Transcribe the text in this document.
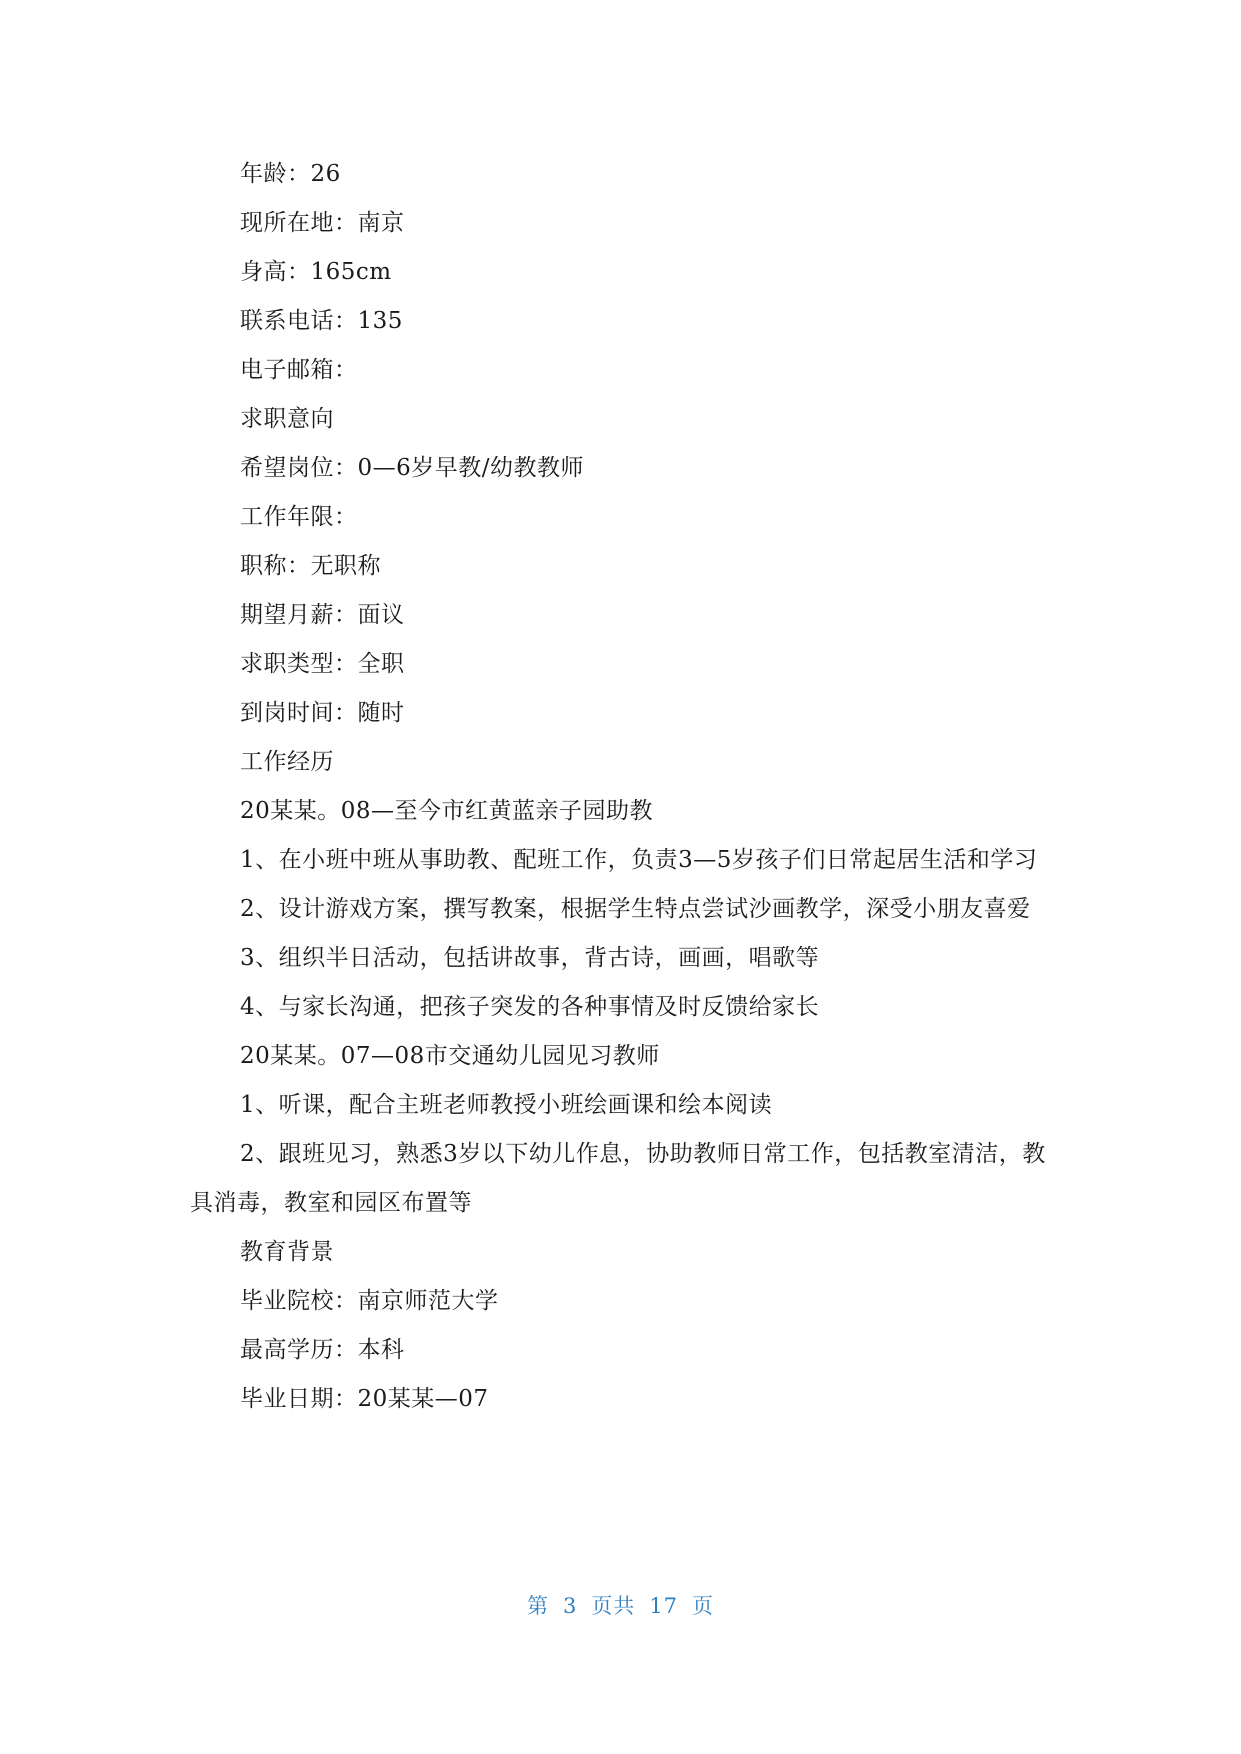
年龄：26
现所在地：南京
身高：165cm
联系电话：135
电子邮箱：
求职意向
希望岗位：0—6岁早教/幼教教师
工作年限：
职称：无职称
期望月薪：面议
求职类型：全职
到岗时间：随时
工作经历
20某某。08—至今市红黄蓝亲子园助教

1、在小班中班从事助教、配班工作，负责3—5岁孩子们日常起居生活和学习

2、设计游戏方案，撰写教案，根据学生特点尝试沙画教学，深受小朋友喜爱

3、组织半日活动，包括讲故事，背古诗，画画，唱歌等
4、与家长沟通，把孩子突发的各种事情及时反馈给家长
20某某。07—08市交通幼儿园见习教师
1、听课，配合主班老师教授小班绘画课和绘本阅读

2、跟班见习，熟悉3岁以下幼儿作息，协助教师日常工作，包括教室清洁，教具消毒，教室和园区布置等

教育背景
毕业院校：南京师范大学
最高学历：本科
毕业日期：20某某—07
第 3 页共 17 页
